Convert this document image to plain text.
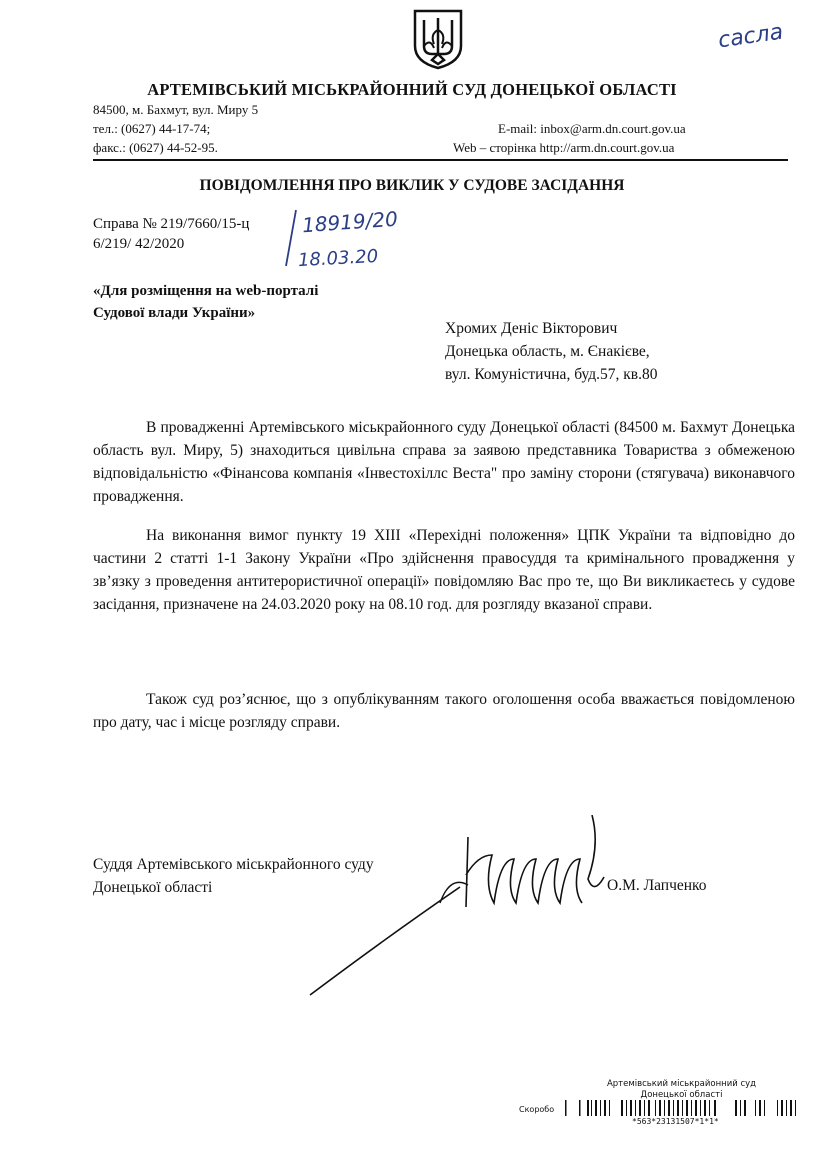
сасла
АРТЕМІВСЬКИЙ МІСЬКРАЙОННИЙ СУД ДОНЕЦЬКОЇ ОБЛАСТІ
84500, м. Бахмут, вул. Миру 5
тел.: (0627) 44-17-74;
факс.: (0627) 44-52-95.
E-mail: inbox@arm.dn.court.gov.ua
Web – сторінка http://arm.dn.court.gov.ua
ПОВІДОМЛЕННЯ ПРО ВИКЛИК У СУДОВЕ ЗАСІДАННЯ
Справа № 219/7660/15-ц
6/219/ 42/2020
18919/20
18.03.20
«Для розміщення на web-порталі
Судової влади України»
Хромих Деніс Вікторович
Донецька область, м. Єнакієве,
вул. Комуністична, буд.57, кв.80
В провадженні Артемівського міськрайонного суду Донецької області (84500 м. Бахмут Донецька область вул. Миру, 5) знаходиться цивільна справа за заявою представника Товариства з обмеженою відповідальністю «Фінансова компанія «Інвестохіллс Веста" про заміну сторони (стягувача) виконавчого провадження.
На виконання вимог пункту 19 XIII «Перехідні положення» ЦПК України та відповідно до частини 2 статті 1-1 Закону України «Про здійснення правосуддя та кримінального провадження у зв’язку з проведення антитерористичної операції» повідомляю Вас про те, що Ви викликаєтесь у судове засідання, призначене на 24.03.2020 року на 08.10 год. для розгляду вказаної справи.
Також суд роз’яснює, що з опублікуванням такого оголошення особа вважається повідомленою про дату, час і місце розгляду справи.
Суддя Артемівського міськрайонного суду
Донецької області	О.М. Лапченко
Артемівський міськрайонний суд
Донецької області
Скоробо
*563*23131507*1*1*
